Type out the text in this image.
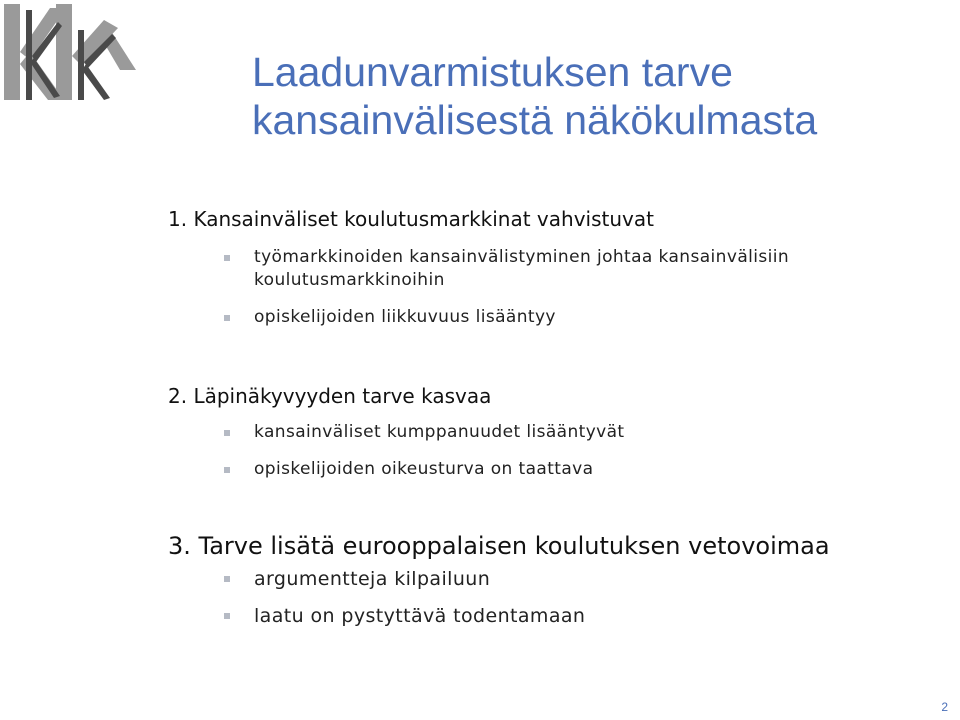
Laadunvarmistuksen tarve
kansainvälisestä näkökulmasta

1. Kansainväliset koulutusmarkkinat vahvistuvat

työmarkkinoiden kansainvälistyminen johtaa kansainvälisiin koulutusmarkkinoihin
opiskelijoiden liikkuvuus lisääntyy

2. Läpinäkyvyyden tarve kasvaa

kansainväliset kumppanuudet lisääntyvät
opiskelijoiden oikeusturva on taattava

3. Tarve lisätä eurooppalaisen koulutuksen vetovoimaa

argumentteja kilpailuun
laatu on pystyttävä todentamaan
2
